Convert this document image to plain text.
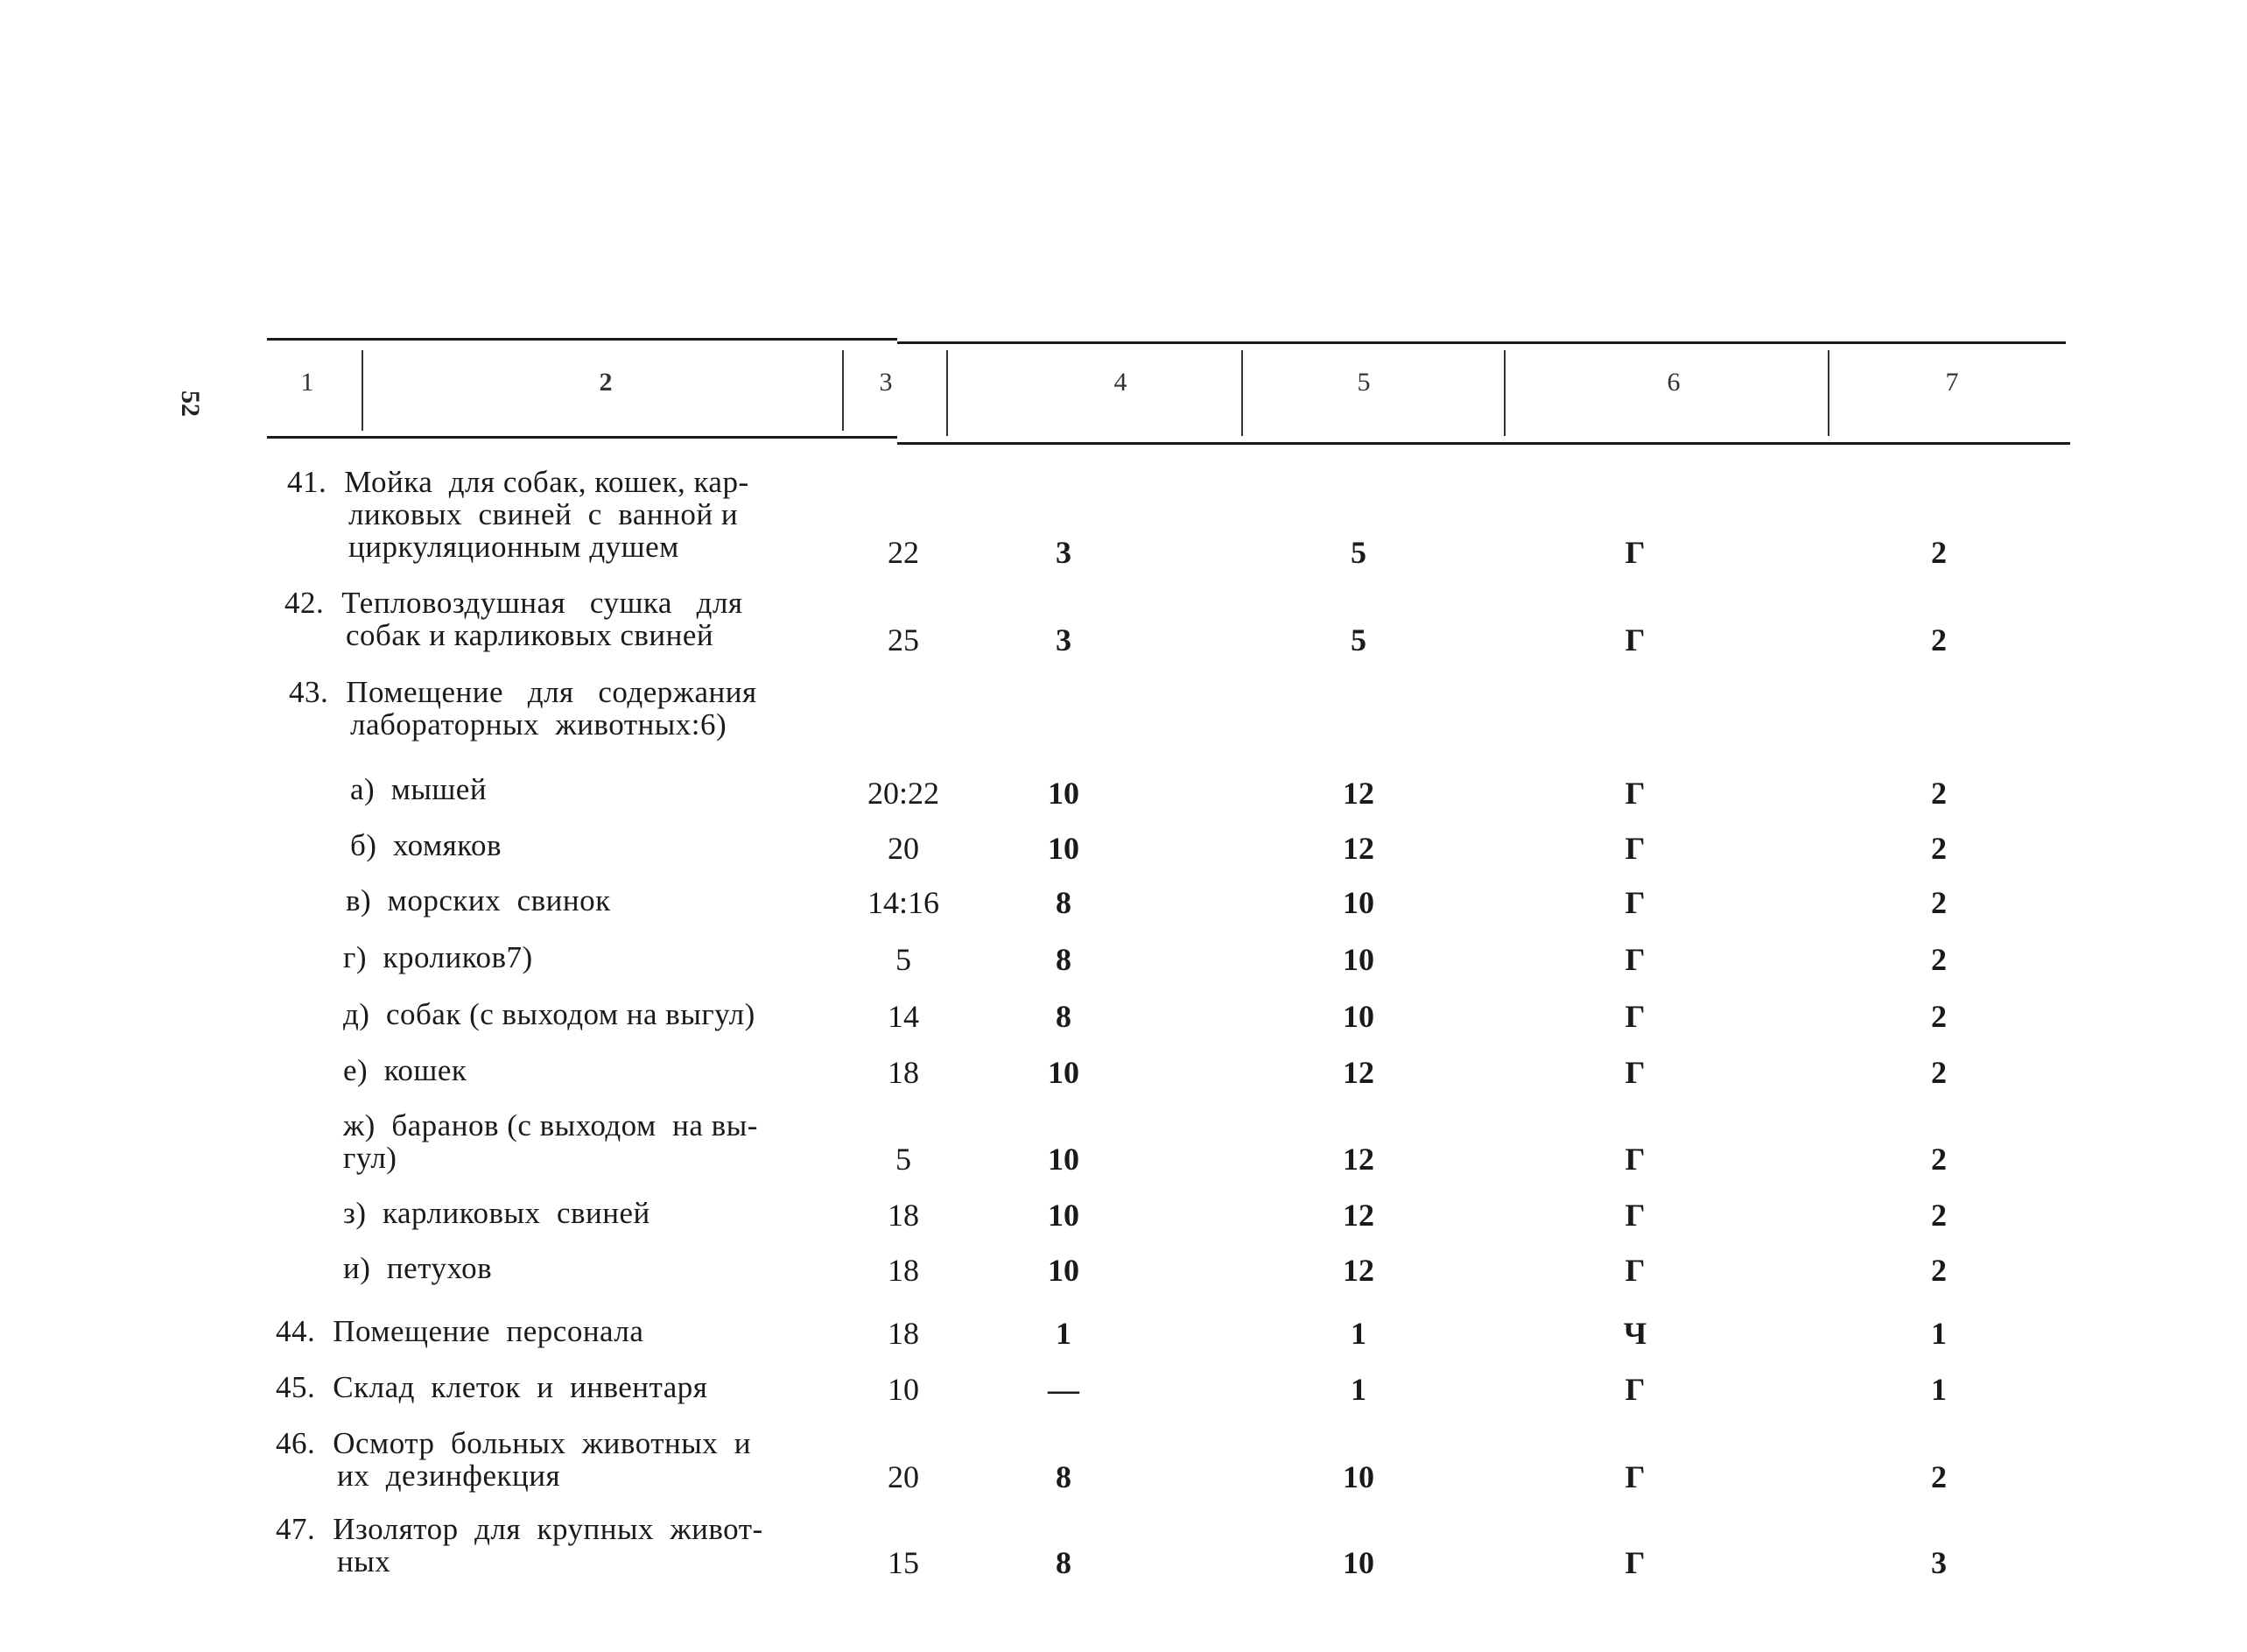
52
1	2	3	4	5	6	7
41. Мойка  для собак, кошек, кар-
ликовых  свиней  с  ванной и
циркуляционным душем	22	3	5	Г	2
42. Тепловоздушная   сушка   для
собак и карликовых свиней	25	3	5	Г	2
43. Помещение   для   содержания
лабораторных  животных:6)
а)  мышей	20:22	10	12	Г	2
б)  хомяков	20	10	12	Г	2
в)  морских  свинок	14:16	8	10	Г	2
г)  кроликов7)	5	8	10	Г	2
д)  собак (с выходом на выгул)	14	8	10	Г	2
е)  кошек	18	10	12	Г	2
ж)  баранов (с выходом  на вы-
гул)	5	10	12	Г	2
з)  карликовых  свиней	18	10	12	Г	2
и)  петухов	18	10	12	Г	2
44. Помещение  персонала	18	1	1	Ч	1
45. Склад  клеток  и  инвентаря	10	—	1	Г	1
46. Осмотр  больных  животных  и
их  дезинфекция	20	8	10	Г	2
47. Изолятор  для  крупных  живот-
ных	15	8	10	Г	3
